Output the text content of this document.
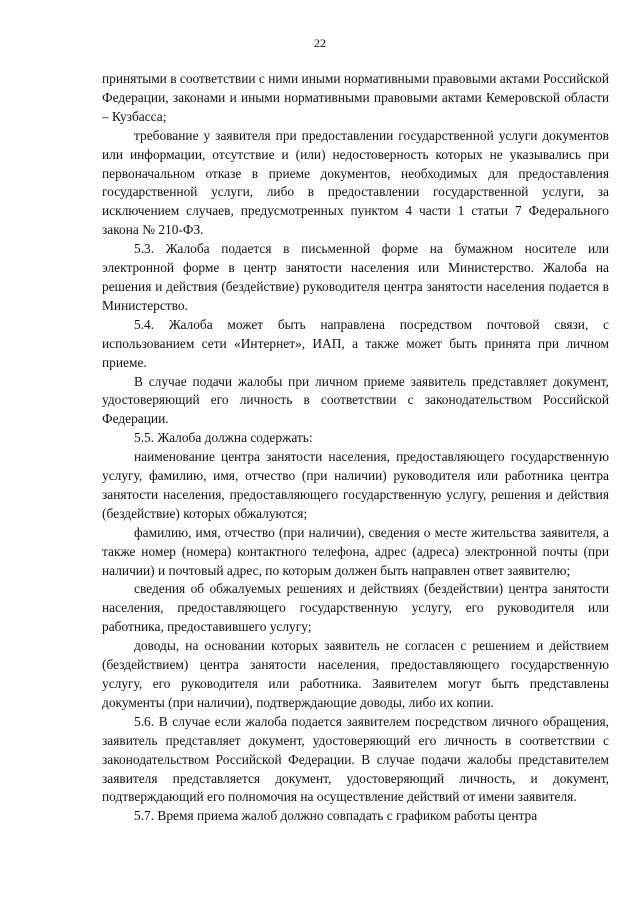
22

принятыми в соответствии с ними иными нормативными правовыми актами Российской Федерации, законами и иными нормативными правовыми актами Кемеровской области – Кузбасса;

требование у заявителя при предоставлении государственной услуги документов или информации, отсутствие и (или) недостоверность которых не указывались при первоначальном отказе в приеме документов, необходимых для предоставления государственной услуги, либо в предоставлении государственной услуги, за исключением случаев, предусмотренных пунктом 4 части 1 статьи 7 Федерального закона № 210-ФЗ.

5.3. Жалоба подается в письменной форме на бумажном носителе или электронной форме в центр занятости населения или Министерство. Жалоба на решения и действия (бездействие) руководителя центра занятости населения подается в Министерство.

5.4. Жалоба может быть направлена посредством почтовой связи, с использованием сети «Интернет», ИАП, а также может быть принята при личном приеме.

В случае подачи жалобы при личном приеме заявитель представляет документ, удостоверяющий его личность в соответствии с законодательством Российской Федерации.

5.5. Жалоба должна содержать:

наименование центра занятости населения, предоставляющего государственную услугу, фамилию, имя, отчество (при наличии) руководителя или работника центра занятости населения, предоставляющего государственную услугу, решения и действия (бездействие) которых обжалуются;

фамилию, имя, отчество (при наличии), сведения о месте жительства заявителя, а также номер (номера) контактного телефона, адрес (адреса) электронной почты (при наличии) и почтовый адрес, по которым должен быть направлен ответ заявителю;

сведения об обжалуемых решениях и действиях (бездействии) центра занятости населения, предоставляющего государственную услугу, его руководителя или работника, предоставившего услугу;

доводы, на основании которых заявитель не согласен с решением и действием (бездействием) центра занятости населения, предоставляющего государственную услугу, его руководителя или работника. Заявителем могут быть представлены документы (при наличии), подтверждающие доводы, либо их копии.

5.6. В случае если жалоба подается заявителем посредством личного обращения, заявитель представляет документ, удостоверяющий его личность в соответствии с законодательством Российской Федерации. В случае подачи жалобы представителем заявителя представляется документ, удостоверяющий личность, и документ, подтверждающий его полномочия на осуществление действий от имени заявителя.

5.7. Время приема жалоб должно совпадать с графиком работы центра
